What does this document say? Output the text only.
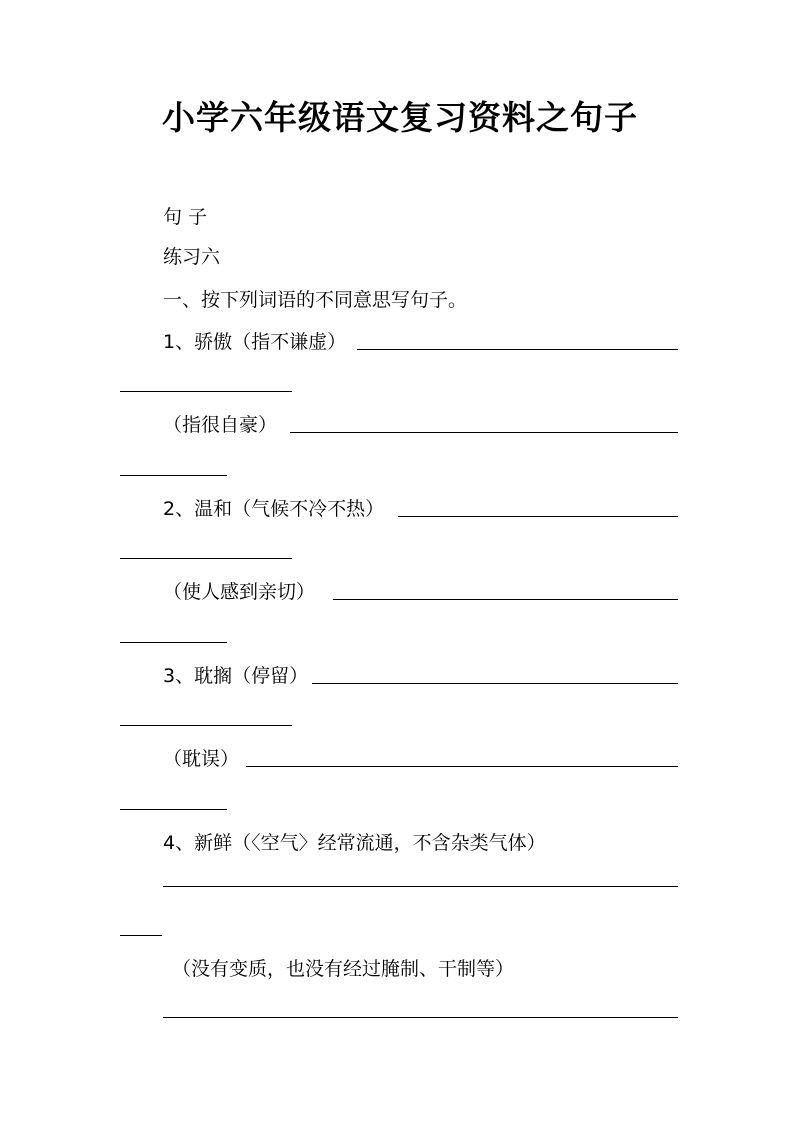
小学六年级语文复习资料之句子
句 子
练习六
一、按下列词语的不同意思写句子。
1、骄傲（指不谦虚）
（指很自豪）
2、温和（气候不冷不热）
（使人感到亲切）
3、耽搁（停留）
（耽误）
4、新鲜（〈空气〉经常流通，不含杂类气体）
（没有变质，也没有经过腌制、干制等）
